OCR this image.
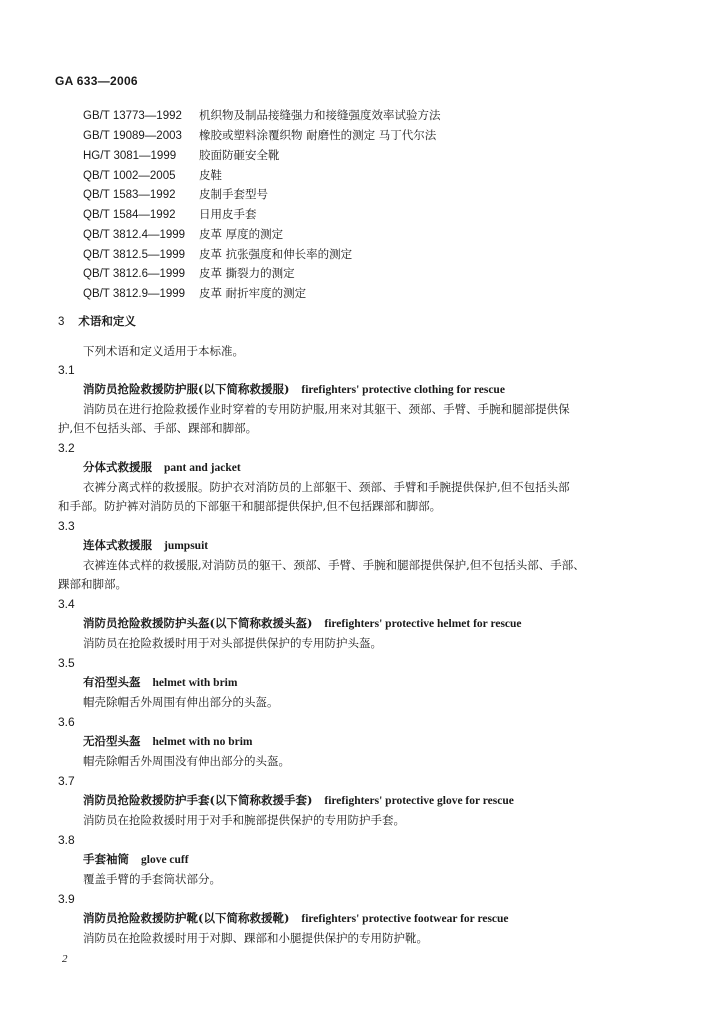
GA 633—2006
GB/T 13773—1992 机织物及制品接缝强力和接缝强度效率试验方法
GB/T 19089—2003 橡胶或塑料涂覆织物 耐磨性的测定 马丁代尔法
HG/T 3081—1999 胶面防砸安全靴
QB/T 1002—2005 皮鞋
QB/T 1583—1992 皮制手套型号
QB/T 1584—1992 日用皮手套
QB/T 3812.4—1999 皮革 厚度的测定
QB/T 3812.5—1999 皮革 抗张强度和伸长率的测定
QB/T 3812.6—1999 皮革 撕裂力的测定
QB/T 3812.9—1999 皮革 耐折牢度的测定
3 术语和定义
下列术语和定义适用于本标准。
3.1
消防员抢险救援防护服(以下简称救援服) firefighters' protective clothing for rescue
消防员在进行抢险救援作业时穿着的专用防护服,用来对其躯干、颈部、手臂、手腕和腿部提供保
护,但不包括头部、手部、踝部和脚部。
3.2
分体式救援服 pant and jacket
衣裤分离式样的救援服。防护衣对消防员的上部躯干、颈部、手臂和手腕提供保护,但不包括头部
和手部。防护裤对消防员的下部躯干和腿部提供保护,但不包括踝部和脚部。
3.3
连体式救援服 jumpsuit
衣裤连体式样的救援服,对消防员的躯干、颈部、手臂、手腕和腿部提供保护,但不包括头部、手部、
踝部和脚部。
3.4
消防员抢险救援防护头盔(以下简称救援头盔) firefighters' protective helmet for rescue
消防员在抢险救援时用于对头部提供保护的专用防护头盔。
3.5
有沿型头盔 helmet with brim
帽壳除帽舌外周围有伸出部分的头盔。
3.6
无沿型头盔 helmet with no brim
帽壳除帽舌外周围没有伸出部分的头盔。
3.7
消防员抢险救援防护手套(以下简称救援手套) firefighters' protective glove for rescue
消防员在抢险救援时用于对手和腕部提供保护的专用防护手套。
3.8
手套袖筒 glove cuff
覆盖手臂的手套筒状部分。
3.9
消防员抢险救援防护靴(以下简称救援靴) firefighters' protective footwear for rescue
消防员在抢险救援时用于对脚、踝部和小腿提供保护的专用防护靴。
2
